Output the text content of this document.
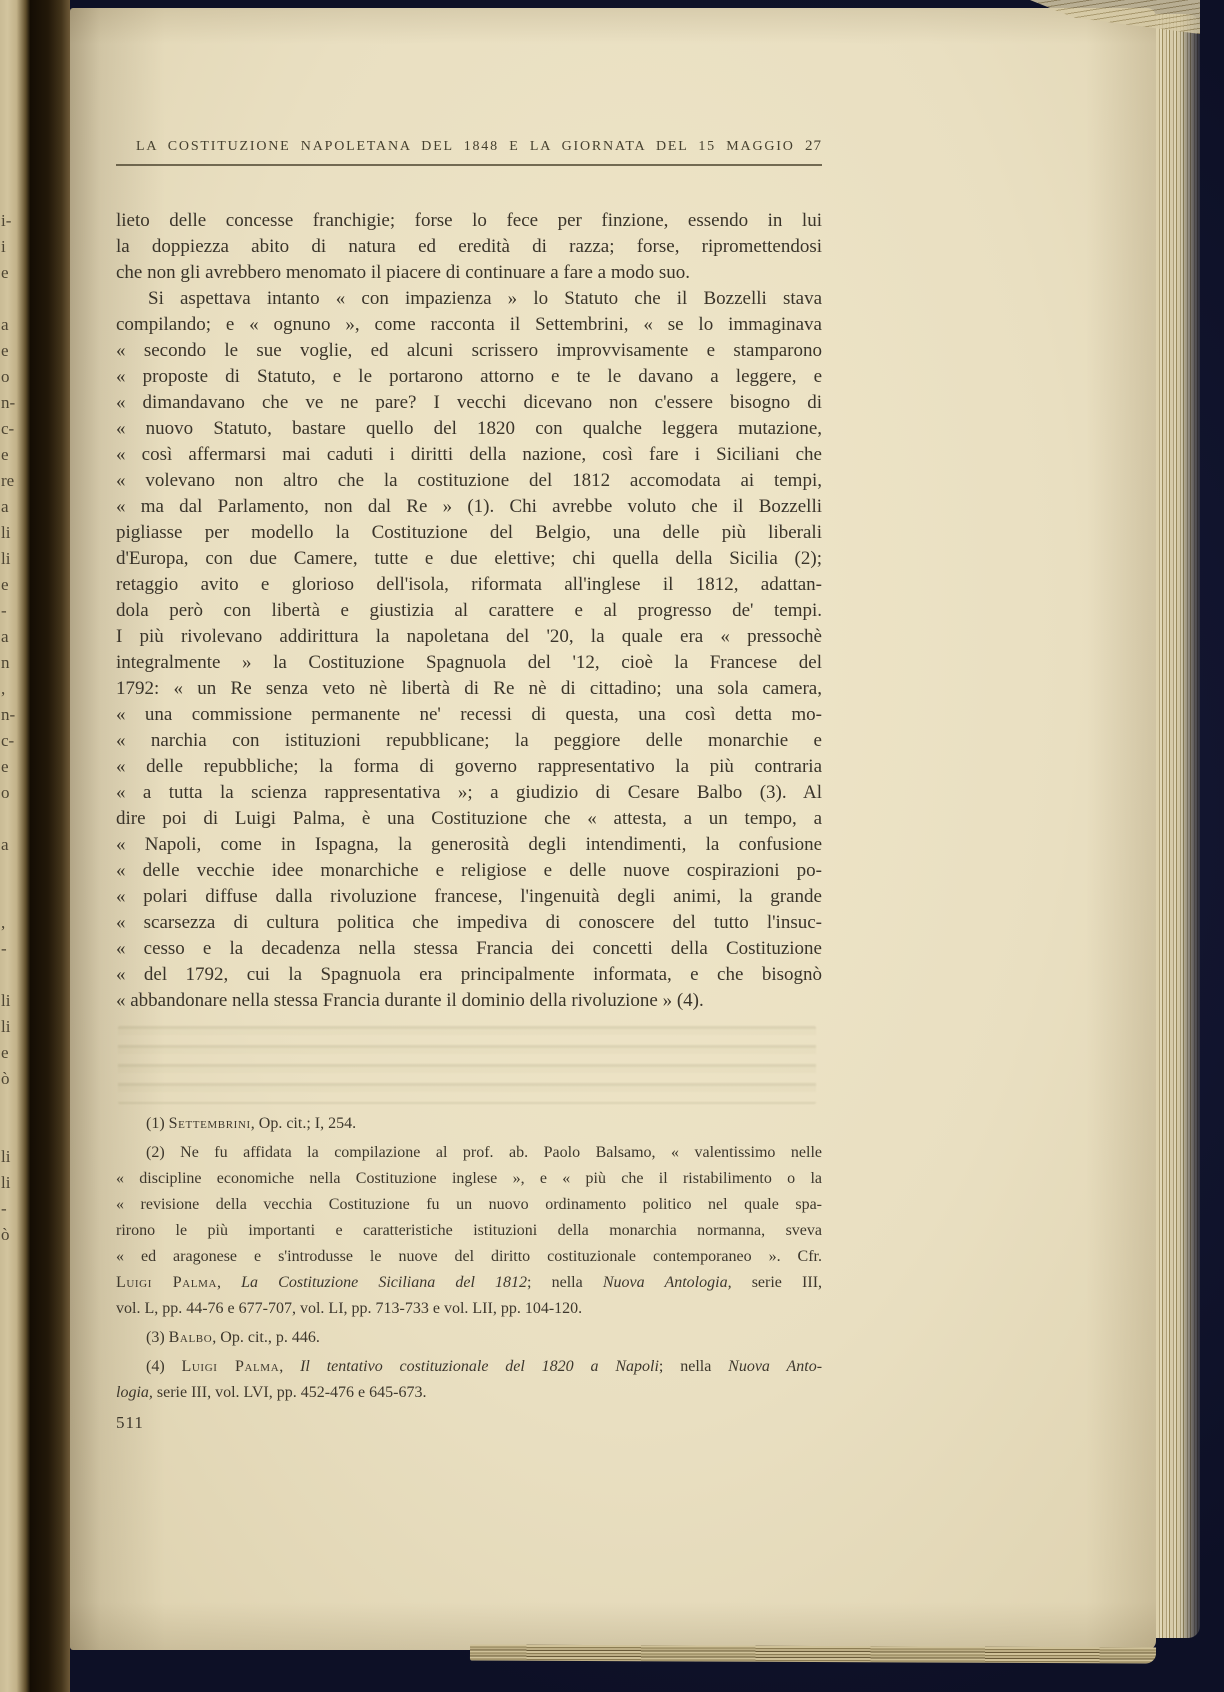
i-
i
e
a
e
o
n-
c-
e
re
a
li
li
e
-
a
n
,
n-
c-
e
o
a
,
-
li
li
e
ò
li
li
-
ò
LA COSTITUZIONE NAPOLETANA DEL 1848 E LA GIORNATA DEL 15 MAGGIO 27
lieto delle concesse franchigie; forse lo fece per finzione, essendo in lui
la doppiezza abito di natura ed eredità di razza; forse, ripromettendosi
che non gli avrebbero menomato il piacere di continuare a fare a modo suo.
Si aspettava intanto « con impazienza » lo Statuto che il Bozzelli stava
compilando; e « ognuno », come racconta il Settembrini, « se lo immaginava
« secondo le sue voglie, ed alcuni scrissero improvvisamente e stamparono
« proposte di Statuto, e le portarono attorno e te le davano a leggere, e
« dimandavano che ve ne pare? I vecchi dicevano non c'essere bisogno di
« nuovo Statuto, bastare quello del 1820 con qualche leggera mutazione,
« così affermarsi mai caduti i diritti della nazione, così fare i Siciliani che
« volevano non altro che la costituzione del 1812 accomodata ai tempi,
« ma dal Parlamento, non dal Re » (1). Chi avrebbe voluto che il Bozzelli
pigliasse per modello la Costituzione del Belgio, una delle più liberali
d'Europa, con due Camere, tutte e due elettive; chi quella della Sicilia (2);
retaggio avito e glorioso dell'isola, riformata all'inglese il 1812, adattan-
dola però con libertà e giustizia al carattere e al progresso de' tempi.
I più rivolevano addirittura la napoletana del '20, la quale era « pressochè
integralmente » la Costituzione Spagnuola del '12, cioè la Francese del
1792: « un Re senza veto nè libertà di Re nè di cittadino; una sola camera,
« una commissione permanente ne' recessi di questa, una così detta mo-
« narchia con istituzioni repubblicane; la peggiore delle monarchie e
« delle repubbliche; la forma di governo rappresentativo la più contraria
« a tutta la scienza rappresentativa »; a giudizio di Cesare Balbo (3). Al
dire poi di Luigi Palma, è una Costituzione che « attesta, a un tempo, a
« Napoli, come in Ispagna, la generosità degli intendimenti, la confusione
« delle vecchie idee monarchiche e religiose e delle nuove cospirazioni po-
« polari diffuse dalla rivoluzione francese, l'ingenuità degli animi, la grande
« scarsezza di cultura politica che impediva di conoscere del tutto l'insuc-
« cesso e la decadenza nella stessa Francia dei concetti della Costituzione
« del 1792, cui la Spagnuola era principalmente informata, e che bisognò
« abbandonare nella stessa Francia durante il dominio della rivoluzione » (4).
(1) Settembrini, Op. cit.; I, 254.
(2) Ne fu affidata la compilazione al prof. ab. Paolo Balsamo, « valentissimo nelle
« discipline economiche nella Costituzione inglese », e « più che il ristabilimento o la
« revisione della vecchia Costituzione fu un nuovo ordinamento politico nel quale spa-
rirono le più importanti e caratteristiche istituzioni della monarchia normanna, sveva
« ed aragonese e s'introdusse le nuove del diritto costituzionale contemporaneo ». Cfr.
Luigi Palma, La Costituzione Siciliana del 1812; nella Nuova Antologia, serie III,
vol. L, pp. 44-76 e 677-707, vol. LI, pp. 713-733 e vol. LII, pp. 104-120.
(3) Balbo, Op. cit., p. 446.
(4) Luigi Palma, Il tentativo costituzionale del 1820 a Napoli; nella Nuova Anto-
logia, serie III, vol. LVI, pp. 452-476 e 645-673.
511
